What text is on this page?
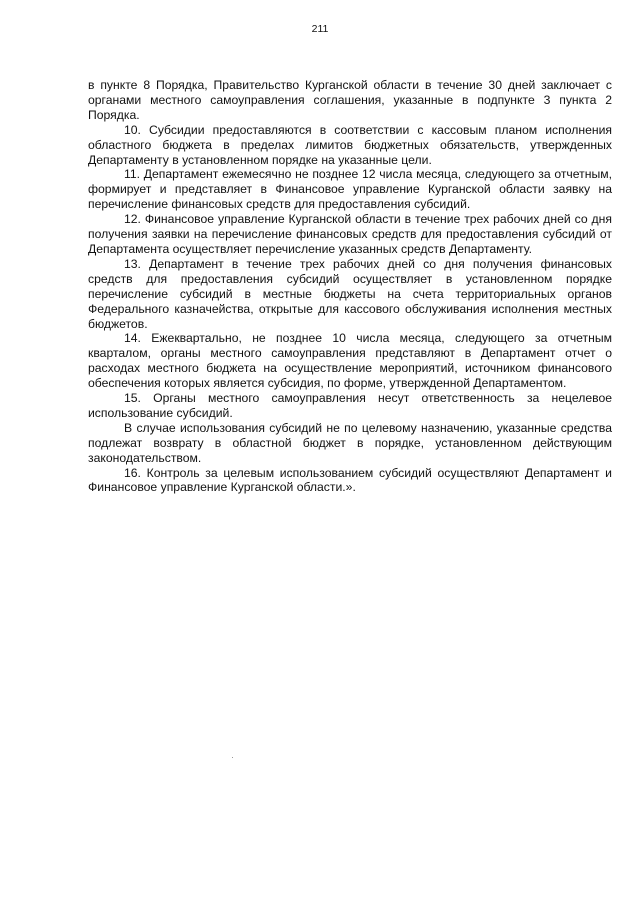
211

в пункте 8 Порядка, Правительство Курганской области в течение 30 дней заключает с органами местного самоуправления соглашения, указанные в подпункте 3 пункта 2 Порядка.

10. Субсидии предоставляются в соответствии с кассовым планом исполнения областного бюджета в пределах лимитов бюджетных обязательств, утвержденных Департаменту в установленном порядке на указанные цели.

11. Департамент ежемесячно не позднее 12 числа месяца, следующего за отчетным, формирует и представляет в Финансовое управление Курганской области заявку на перечисление финансовых средств для предоставления субсидий.

12. Финансовое управление Курганской области в течение трех рабочих дней со дня получения заявки на перечисление финансовых средств для предоставления субсидий от Департамента осуществляет перечисление указанных средств Департаменту.

13. Департамент в течение трех рабочих дней со дня получения финансовых средств для предоставления субсидий осуществляет в установленном порядке перечисление субсидий в местные бюджеты на счета территориальных органов Федерального казначейства, открытые для кассового обслуживания исполнения местных бюджетов.

14. Ежеквартально, не позднее 10 числа месяца, следующего за отчетным кварталом, органы местного самоуправления представляют в Департамент отчет о расходах местного бюджета на осуществление мероприятий, источником финансового обеспечения которых является субсидия, по форме, утвержденной Департаментом.

15. Органы местного самоуправления несут ответственность за нецелевое использование субсидий.

В случае использования субсидий не по целевому назначению, указанные средства подлежат возврату в областной бюджет в порядке, установленном действующим законодательством.

16. Контроль за целевым использованием субсидий осуществляют Департамент и Финансовое управление Курганской области.».
